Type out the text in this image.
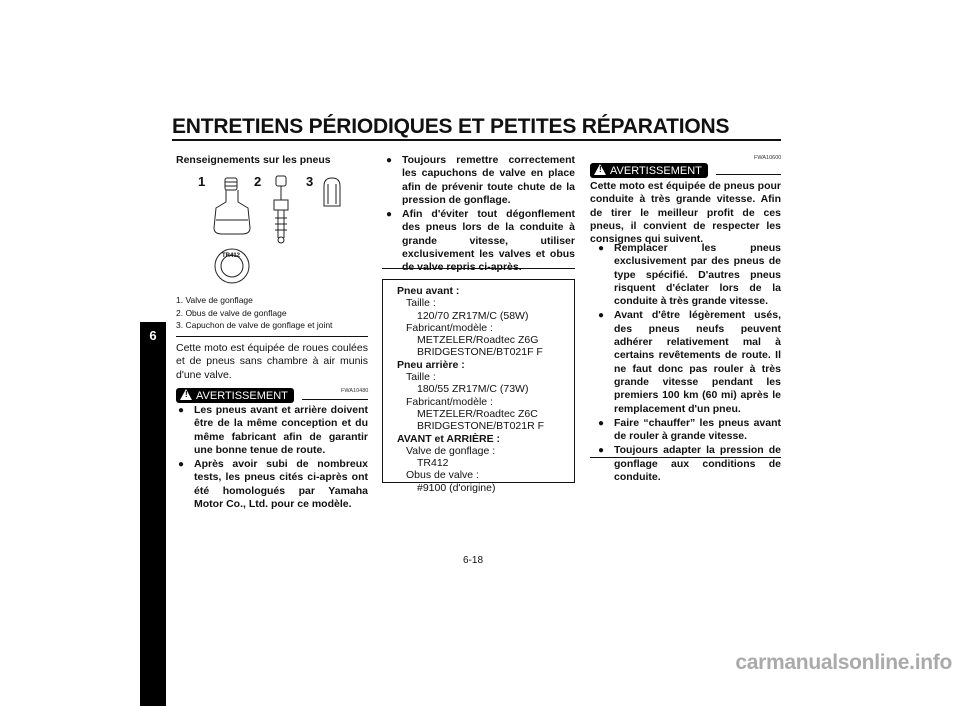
ENTRETIENS PÉRIODIQUES ET PETITES RÉPARATIONS
6
Renseignements sur les pneus
1	2	3
TR412
1. Valve de gonflage
2. Obus de valve de gonflage
3. Capuchon de valve de gonflage et joint
Cette moto est équipée de roues coulées et de pneus sans chambre à air munis d'une valve.
! AVERTISSEMENT	FWA10480
● Les pneus avant et arrière doivent être de la même conception et du même fabricant afin de garantir une bonne tenue de route.
● Après avoir subi de nombreux tests, les pneus cités ci-après ont été homologués par Yamaha Motor Co., Ltd. pour ce modèle.
● Toujours remettre correctement les capuchons de valve en place afin de prévenir toute chute de la pression de gonflage.
● Afin d'éviter tout dégonflement des pneus lors de la conduite à grande vitesse, utiliser exclusivement les valves et obus
Pneu avant :
Taille :
120/70 ZR17M/C (58W)
Fabricant/modèle :
METZELER/Roadtec Z6G
BRIDGESTONE/BT021F F
Pneu arrière :
Taille :
180/55 ZR17M/C (73W)
Fabricant/modèle :
METZELER/Roadtec Z6C
BRIDGESTONE/BT021R F
AVANT et ARRIÈRE :
Valve de gonflage :
TR412
Obus de valve :
#9100 (d'origine)
! AVERTISSEMENT
FWA10600
Cette moto est équipée de pneus pour conduite à très grande vitesse. Afin de tirer le meilleur profit de ces pneus, il convient de respecter les consignes qui suivent.
● Remplacer les pneus exclusivement par des pneus de type spécifié. D'autres pneus risquent d'éclater lors de la conduite à très grande vitesse.
● Avant d'être légèrement usés, des pneus neufs peuvent adhérer relativement mal à certains revêtements de route. Il ne faut donc pas rouler à très grande vitesse pendant les premiers 100 km (60 mi) après le remplacement d'un pneu.
● Faire “chauffer” les pneus avant de rouler à grande vitesse.
● Toujours adapter la pression de gonflage aux conditions de conduite.
6-18
carmanualsonline.info
